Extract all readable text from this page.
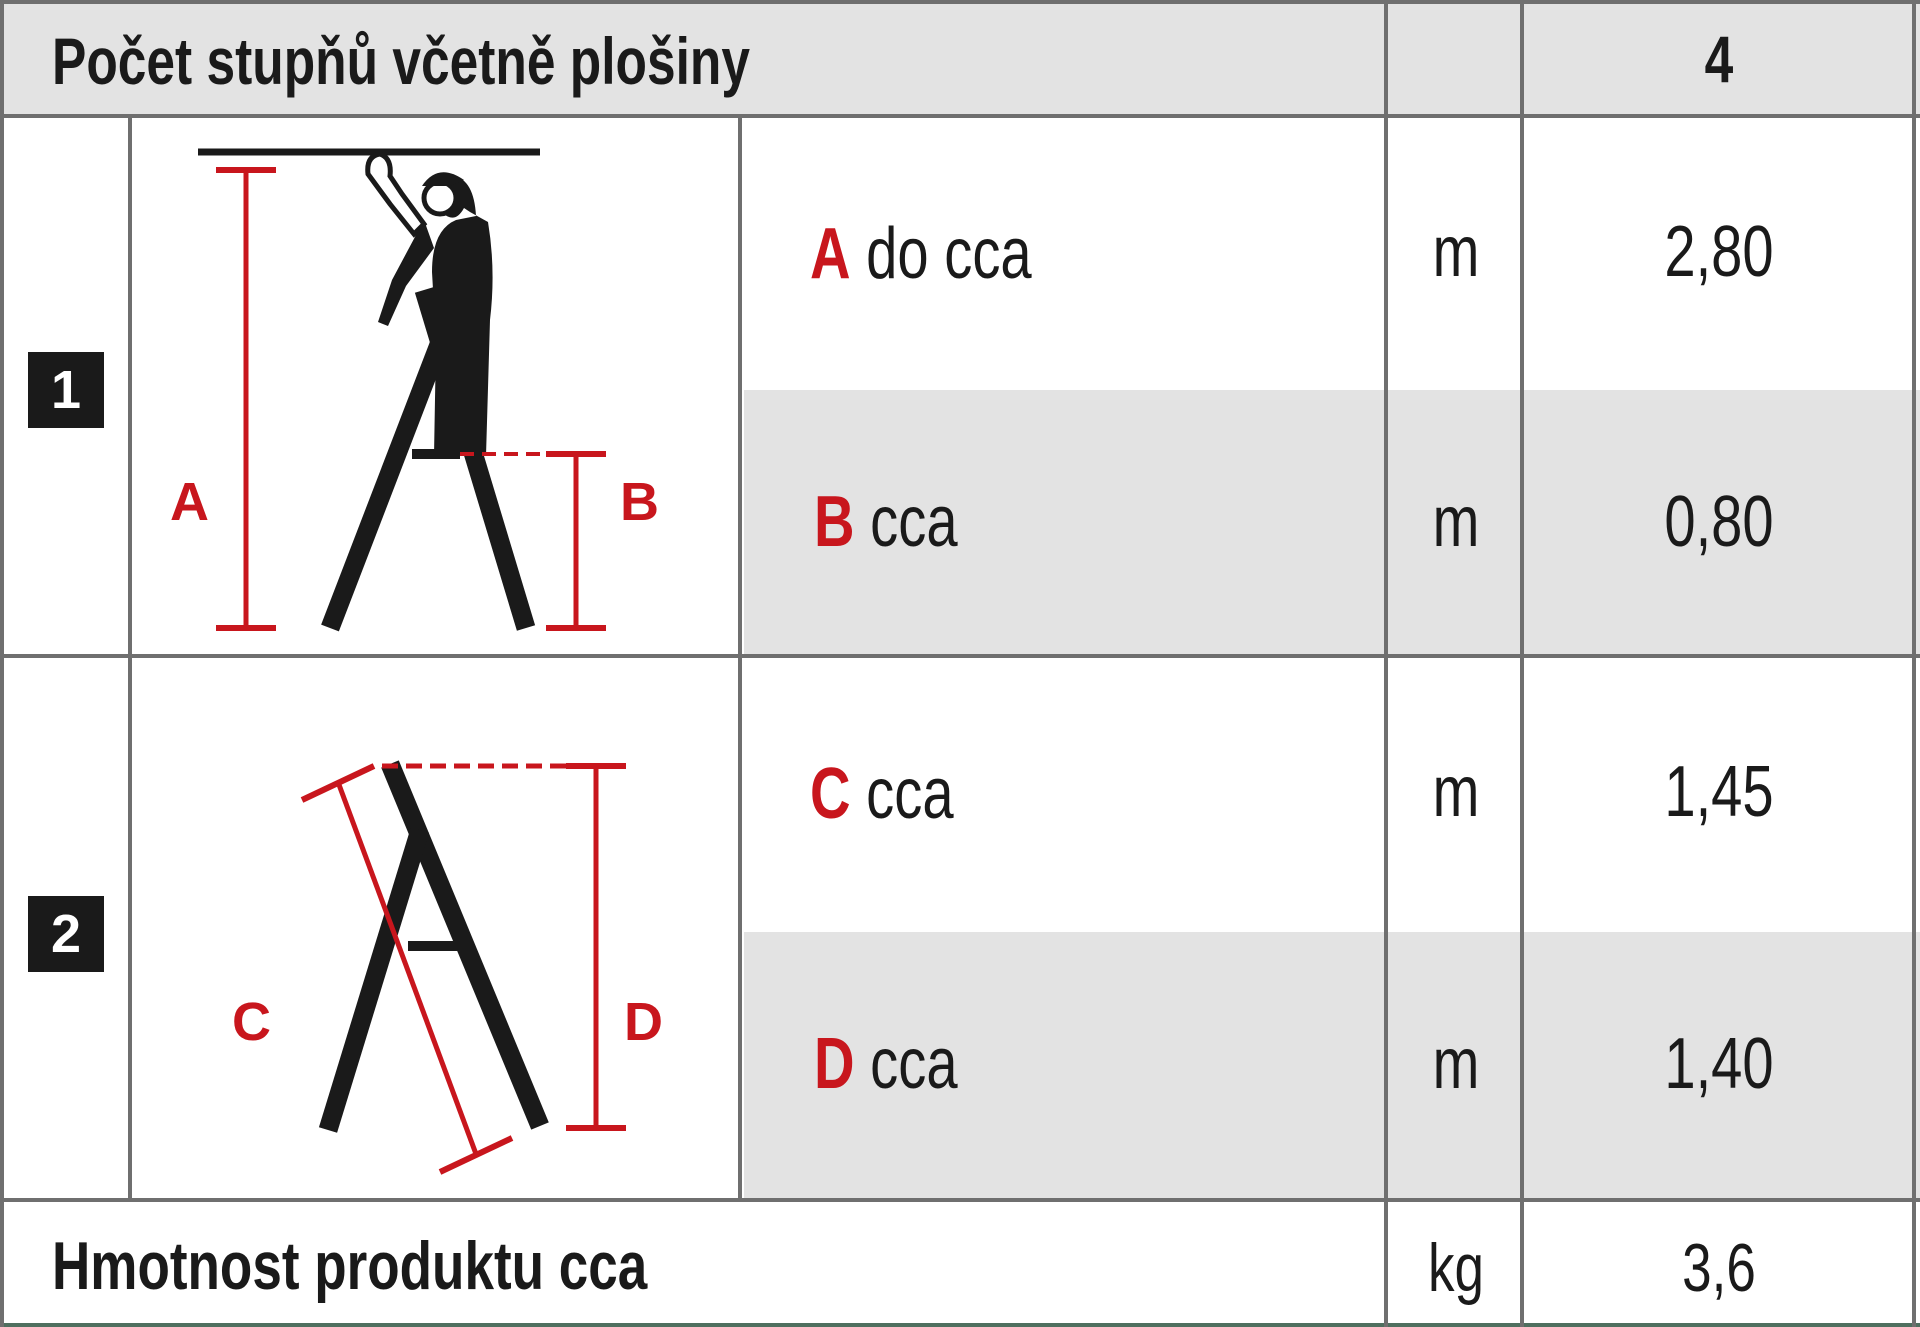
Počet stupňů včetně plošiny	4
1
A	B
A do cca	m	2,80
B cca	m	0,80
2
D
C
C cca	m	1,45
D cca	m	1,40
Hmotnost produktu cca	kg	3,6
